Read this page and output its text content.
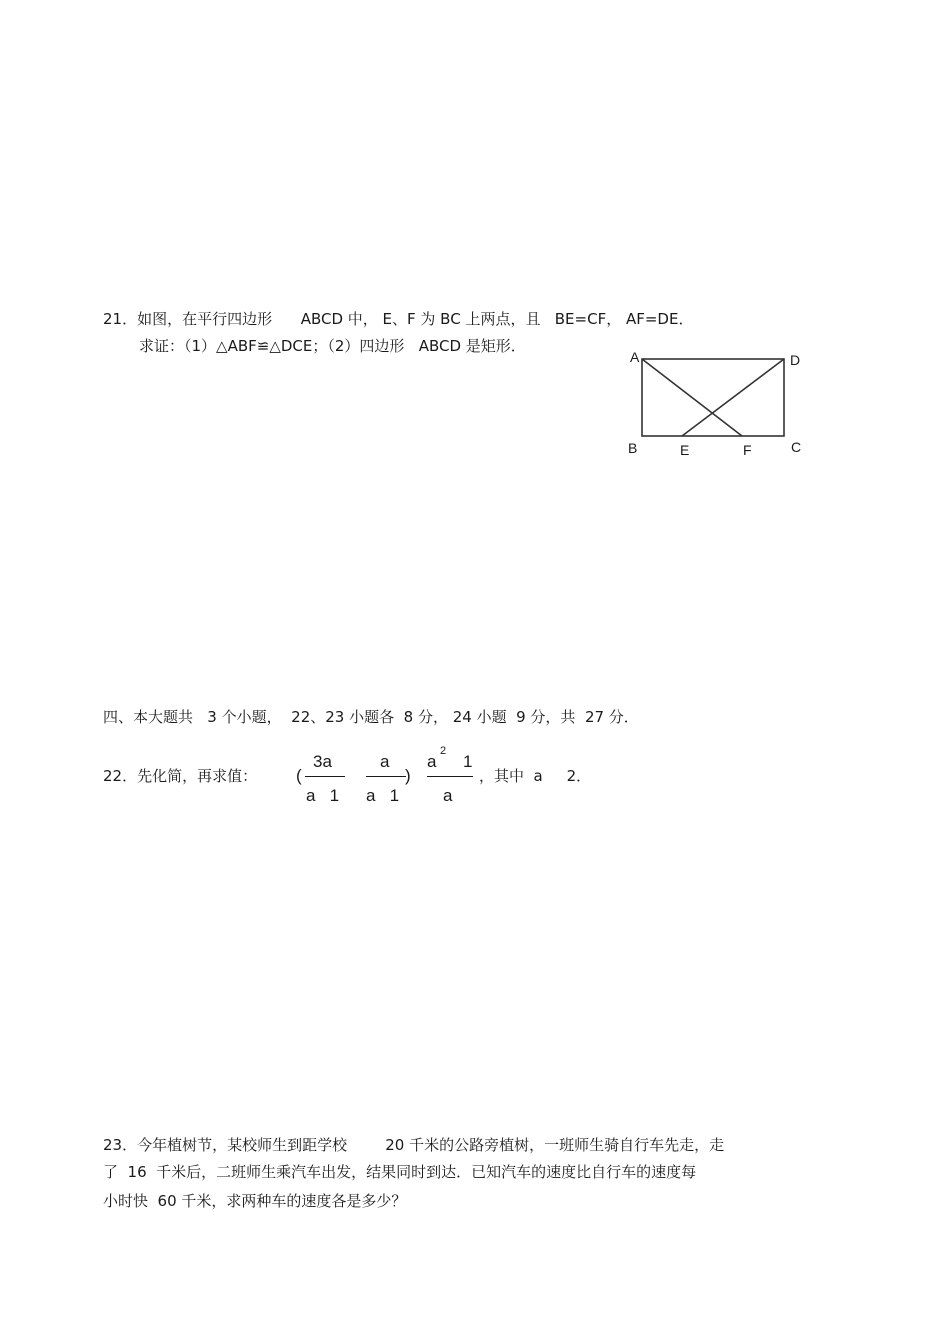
21．如图，在平行四边形      ABCD 中， E、F 为 BC 上两点，且   BE=CF， AF=DE．
求证：（1）△ABF≌△DCE；（2）四边形   ABCD 是矩形．
A	D
B	E	F	C
四、本大题共   3 个小题，  22、23 小题各  8 分， 24 小题  9 分，共  27 分．
22．先化简，再求值： (
3a
a   1
a
a   1
)
a
2
1
a
，其中  a     2．
23．今年植树节，某校师生到距学校        20 千米的公路旁植树，一班师生骑自行车先走，走
了  16  千米后，二班师生乘汽车出发，结果同时到达．已知汽车的速度比自行车的速度每
小时快  60 千米，求两种车的速度各是多少？
